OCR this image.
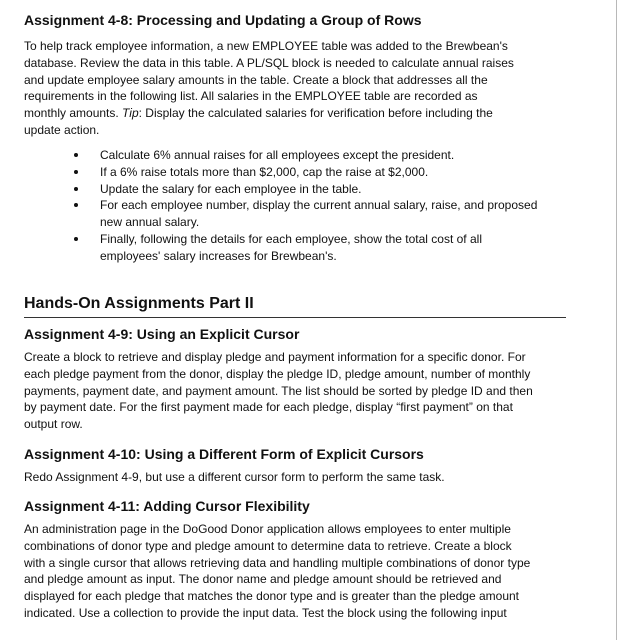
Assignment 4-8: Processing and Updating a Group of Rows
To help track employee information, a new EMPLOYEE table was added to the Brewbean's
database. Review the data in this table. A PL/SQL block is needed to calculate annual raises
and update employee salary amounts in the table. Create a block that addresses all the
requirements in the following list. All salaries in the EMPLOYEE table are recorded as
monthly amounts. Tip: Display the calculated salaries for verification before including the
update action.
Calculate 6% annual raises for all employees except the president.
If a 6% raise totals more than $2,000, cap the raise at $2,000.
Update the salary for each employee in the table.
For each employee number, display the current annual salary, raise, and proposed
new annual salary.
Finally, following the details for each employee, show the total cost of all
employees' salary increases for Brewbean's.
Hands-On Assignments Part II
Assignment 4-9: Using an Explicit Cursor
Create a block to retrieve and display pledge and payment information for a specific donor. For
each pledge payment from the donor, display the pledge ID, pledge amount, number of monthly
payments, payment date, and payment amount. The list should be sorted by pledge ID and then
by payment date. For the first payment made for each pledge, display “first payment” on that
output row.
Assignment 4-10: Using a Different Form of Explicit Cursors
Redo Assignment 4-9, but use a different cursor form to perform the same task.
Assignment 4-11: Adding Cursor Flexibility
An administration page in the DoGood Donor application allows employees to enter multiple
combinations of donor type and pledge amount to determine data to retrieve. Create a block
with a single cursor that allows retrieving data and handling multiple combinations of donor type
and pledge amount as input. The donor name and pledge amount should be retrieved and
displayed for each pledge that matches the donor type and is greater than the pledge amount
indicated. Use a collection to provide the input data. Test the block using the following input
